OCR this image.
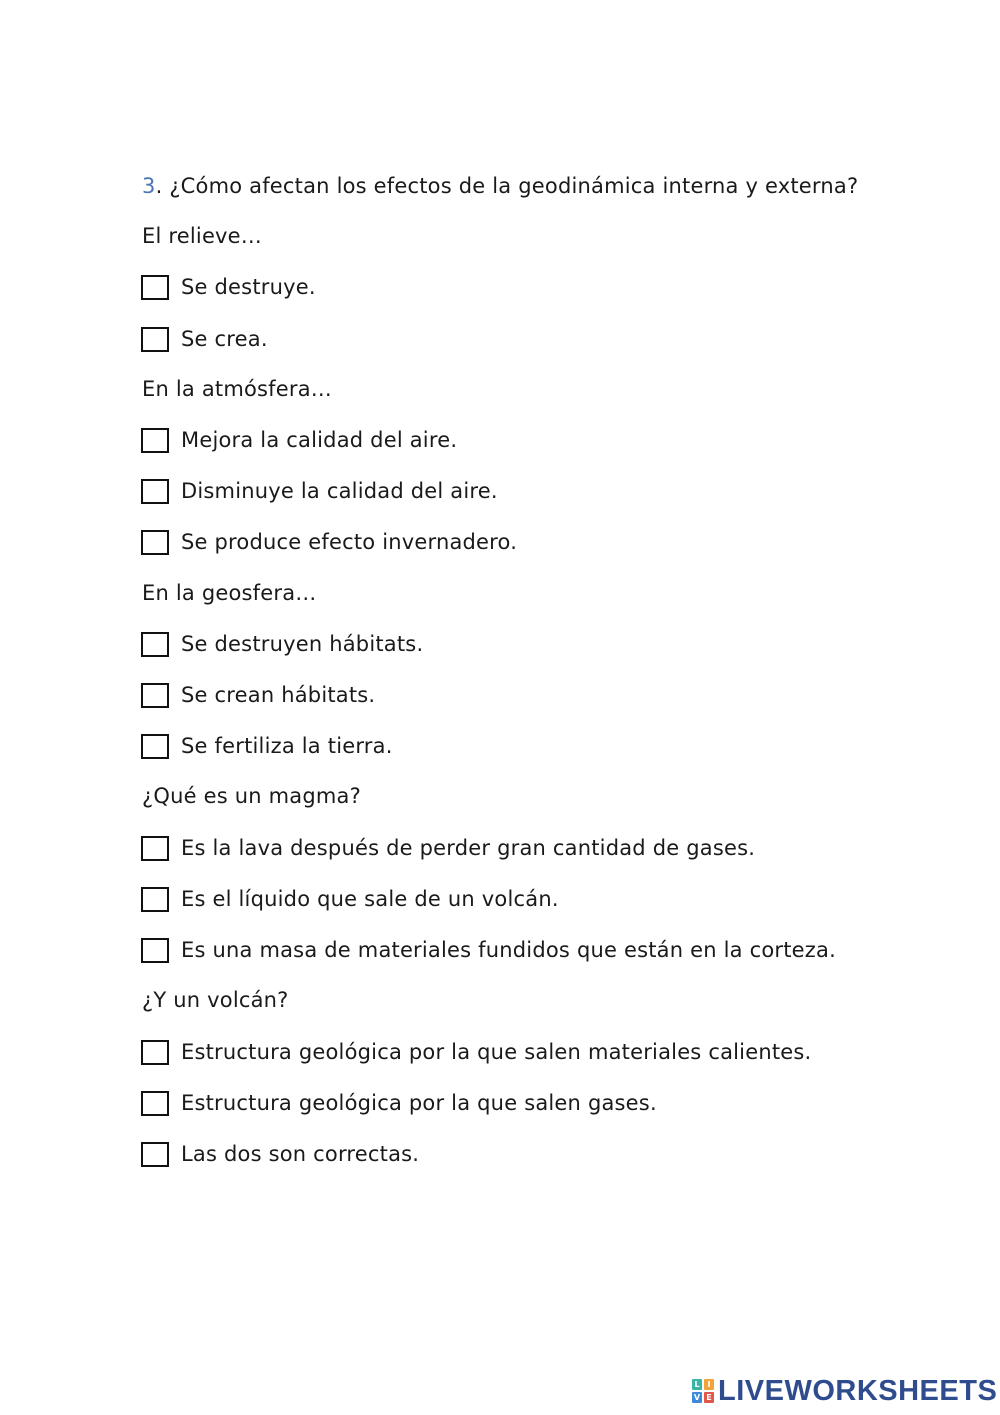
3. ¿Cómo afectan los efectos de la geodinámica interna y externa?
El relieve…
Se destruye.
Se crea.
En la atmósfera…
Mejora la calidad del aire.
Disminuye la calidad del aire.
Se produce efecto invernadero.
En la geosfera…
Se destruyen hábitats.
Se crean hábitats.
Se fertiliza la tierra.
¿Qué es un magma?
Es la lava después de perder gran cantidad de gases.
Es el líquido que sale de un volcán.
Es una masa de materiales fundidos que están en la corteza.
¿Y un volcán?
Estructura geológica por la que salen materiales calientes.
Estructura geológica por la que salen gases.
Las dos son correctas.
L I
V E LIVEWORKSHEETS
